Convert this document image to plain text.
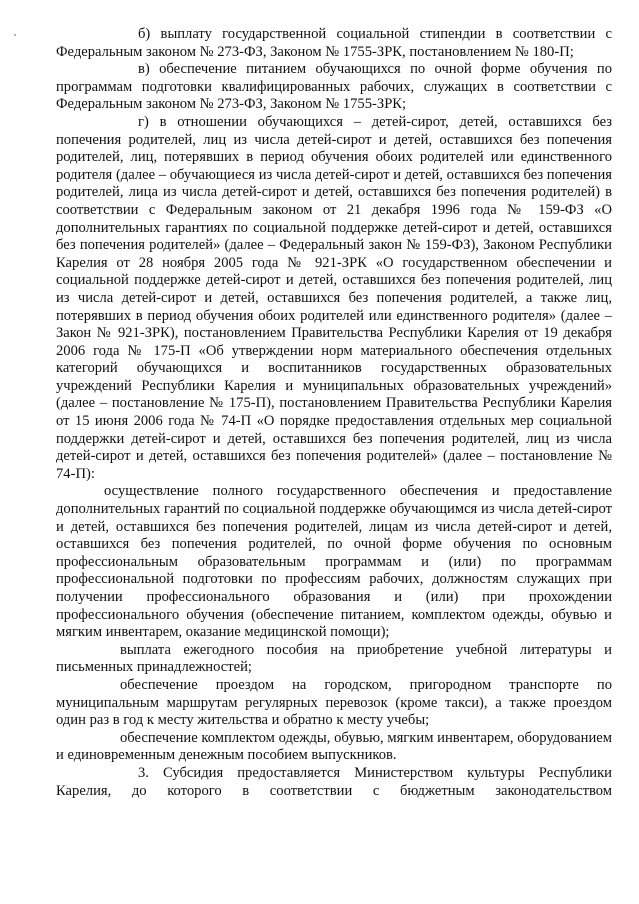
б) выплату государственной социальной стипендии в соответствии с Федеральным законом № 273-ФЗ, Законом № 1755-ЗРК, постановлением № 180-П;

в) обеспечение питанием обучающихся по очной форме обучения по программам подготовки квалифицированных рабочих, служащих в соответствии с Федеральным законом № 273-ФЗ, Законом № 1755-ЗРК;

г) в отношении обучающихся – детей-сирот, детей, оставшихся без попечения родителей, лиц из числа детей-сирот и детей, оставшихся без попечения родителей, лиц, потерявших в период обучения обоих родителей или единственного родителя (далее – обучающиеся из числа детей-сирот и детей, оставшихся без попечения родителей, лица из числа детей-сирот и детей, оставшихся без попечения родителей) в соответствии с Федеральным законом от 21 декабря 1996 года № 159-ФЗ «О дополнительных гарантиях по социальной поддержке детей-сирот и детей, оставшихся без попечения родителей» (далее – Федеральный закон № 159-ФЗ), Законом Республики Карелия от 28 ноября 2005 года № 921-ЗРК «О государственном обеспечении и социальной поддержке детей-сирот и детей, оставшихся без попечения родителей, лиц из числа детей-сирот и детей, оставшихся без попечения родителей, а также лиц, потерявших в период обучения обоих родителей или единственного родителя» (далее – Закон № 921-ЗРК), постановлением Правительства Республики Карелия от 19 декабря 2006 года № 175-П «Об утверждении норм материального обеспечения отдельных категорий обучающихся и воспитанников государственных образовательных учреждений Республики Карелия и муниципальных образовательных учреждений» (далее – постановление № 175-П), постановлением Правительства Республики Карелия от 15 июня 2006 года № 74-П «О порядке предоставления отдельных мер социальной поддержки детей-сирот и детей, оставшихся без попечения родителей, лиц из числа детей-сирот и детей, оставшихся без попечения родителей» (далее – постановление № 74-П):

осуществление полного государственного обеспечения и предоставление дополнительных гарантий по социальной поддержке обучающимся из числа детей-сирот и детей, оставшихся без попечения родителей, лицам из числа детей-сирот и детей, оставшихся без попечения родителей, по очной форме обучения по основным профессиональным образовательным программам и (или) по программам профессиональной подготовки по профессиям рабочих, должностям служащих при получении профессионального образования и (или) при прохождении профессионального обучения (обеспечение питанием, комплектом одежды, обувью и мягким инвентарем, оказание медицинской помощи);

выплата ежегодного пособия на приобретение учебной литературы и письменных принадлежностей;

обеспечение проездом на городском, пригородном транспорте по муниципальным маршрутам регулярных перевозок (кроме такси), а также проездом один раз в год к месту жительства и обратно к месту учебы;

обеспечение комплектом одежды, обувью, мягким инвентарем, оборудованием и единовременным денежным пособием выпускников.

3. Субсидия предоставляется Министерством культуры Республики Карелия, до которого в соответствии с бюджетным законодательством
